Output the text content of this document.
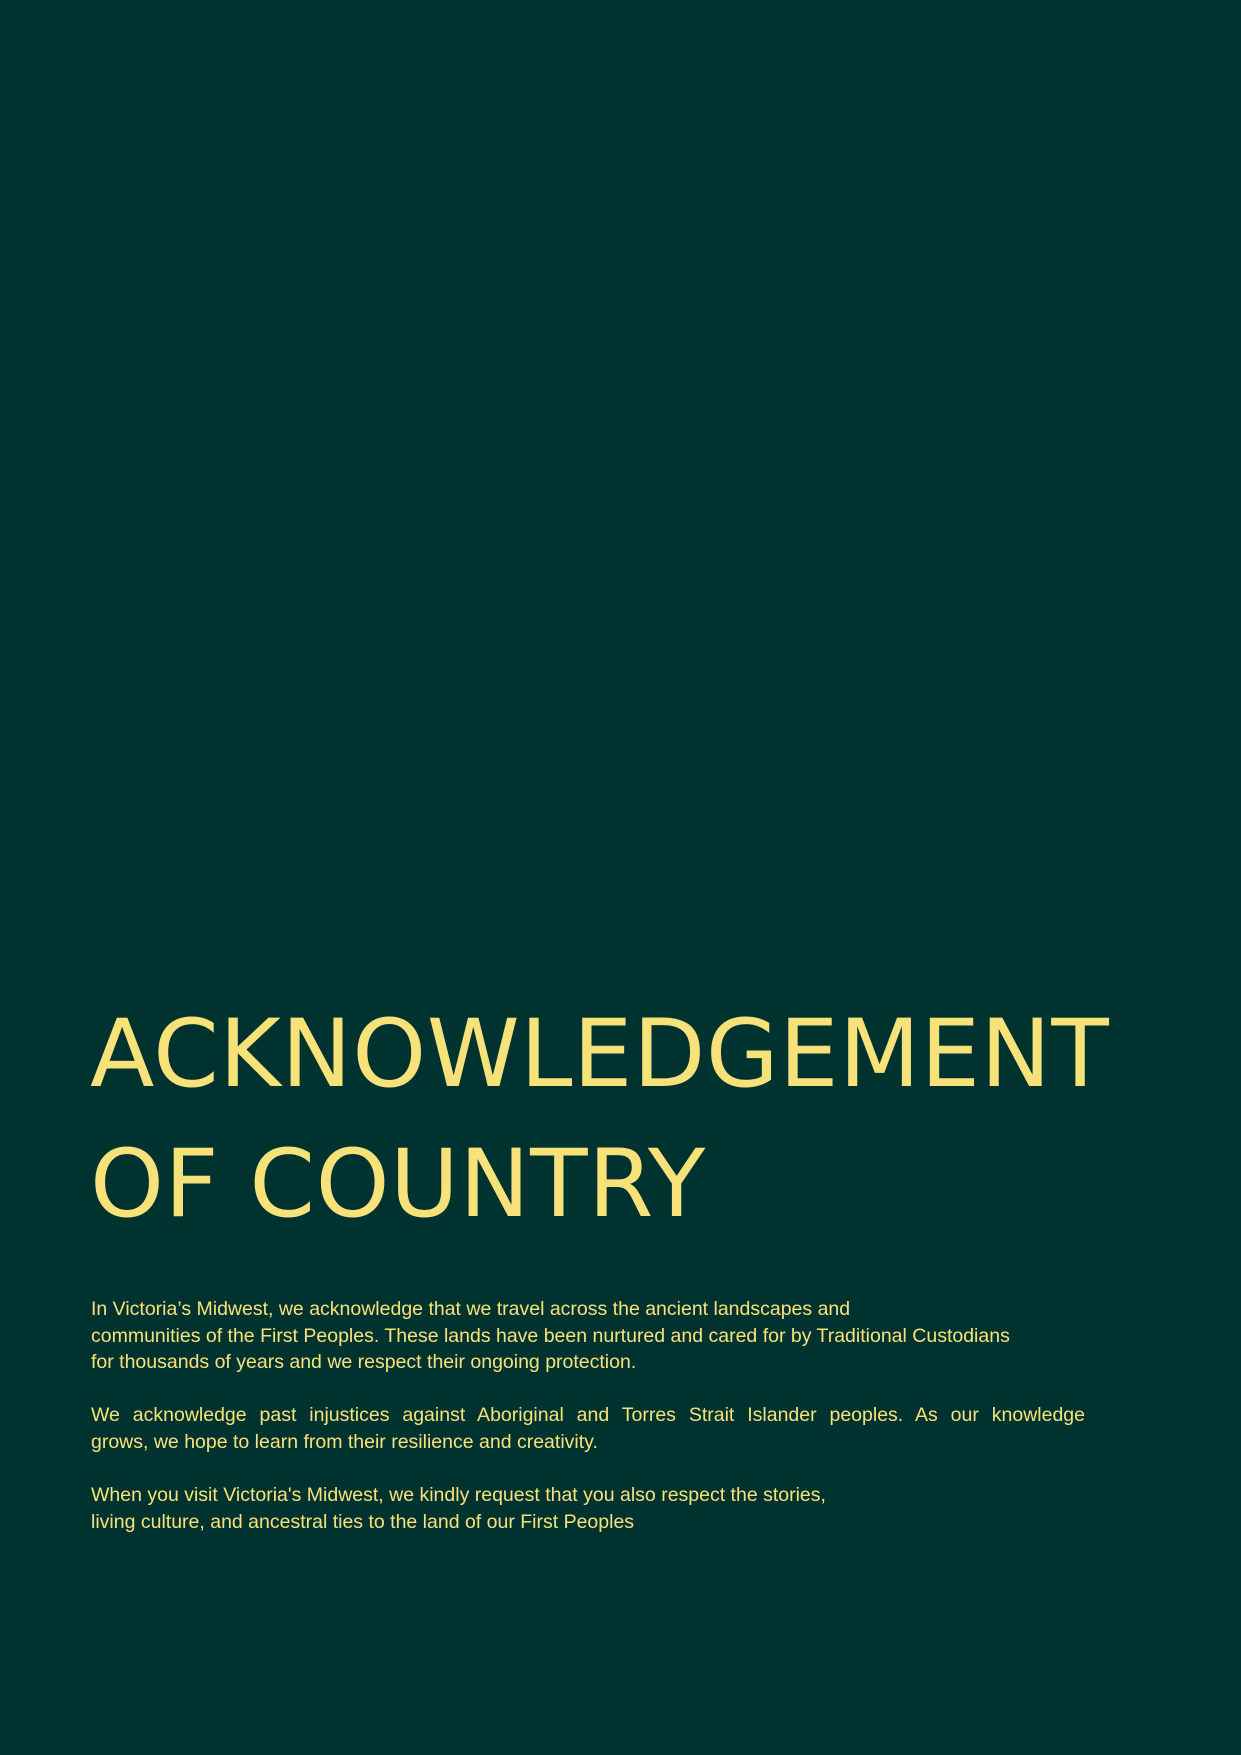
ACKNOWLEDGEMENT
OF COUNTRY

In Victoria’s Midwest, we acknowledge that we travel across the ancient landscapes and
communities of the First Peoples. These lands have been nurtured and cared for by Traditional Custodians
for thousands of years and we respect their ongoing protection.

We acknowledge past injustices against Aboriginal and Torres Strait Islander peoples. As our knowledge
grows, we hope to learn from their resilience and creativity.

When you visit Victoria's Midwest, we kindly request that you also respect the stories,
living culture, and ancestral ties to the land of our First Peoples
